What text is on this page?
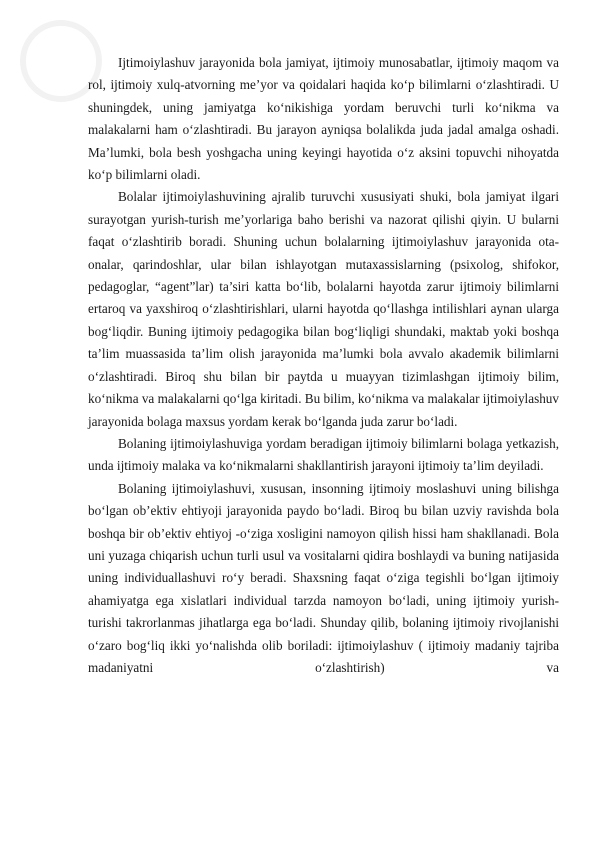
Ijtimoiylashuv jarayonida bola jamiyat, ijtimoiy munosabatlar, ijtimoiy maqom va rol, ijtimoiy xulq-atvorning me’yor va qoidalari haqida ko‘p bilimlarni o‘zlashtiradi. U shuningdek, uning jamiyatga ko‘nikishiga yordam beruvchi turli ko‘nikma va malakalarni ham o‘zlashtiradi. Bu jarayon ayniqsa bolalikda juda jadal amalga oshadi. Ma’lumki, bola besh yoshgacha uning keyingi hayotida o‘z aksini topuvchi nihoyatda ko‘p bilimlarni oladi.

Bolalar ijtimoiylashuvining ajralib turuvchi xususiyati shuki, bola jamiyat ilgari surayotgan yurish-turish me’yorlariga baho berishi va nazorat qilishi qiyin. U bularni faqat o‘zlashtirib boradi. Shuning uchun bolalarning ijtimoiylashuv jarayonida ota-onalar, qarindoshlar, ular bilan ishlayotgan mutaxassislarning (psixolog, shifokor, pedagoglar, “agent”lar) ta’siri katta bo‘lib, bolalarni hayotda zarur ijtimoiy bilimlarni ertaroq va yaxshiroq o‘zlashtirishlari, ularni hayotda qo‘llashga intilishlari aynan ularga bog‘liqdir. Buning ijtimoiy pedagogika bilan bog‘liqligi shundaki, maktab yoki boshqa ta’lim muassasida ta’lim olish jarayonida ma’lumki bola avvalo akademik bilimlarni o‘zlashtiradi. Biroq shu bilan bir paytda u muayyan tizimlashgan ijtimoiy bilim, ko‘nikma va malakalarni qo‘lga kiritadi. Bu bilim, ko‘nikma va malakalar ijtimoiylashuv jarayonida bolaga maxsus yordam kerak bo‘lganda juda zarur bo‘ladi.

Bolaning ijtimoiylashuviga yordam beradigan ijtimoiy bilimlarni bolaga yetkazish, unda ijtimoiy malaka va ko‘nikmalarni shakllantirish jarayoni ijtimoiy ta’lim deyiladi.

Bolaning ijtimoiylashuvi, xususan, insonning ijtimoiy moslashuvi uning bilishga bo‘lgan ob’ektiv ehtiyoji jarayonida paydo bo‘ladi. Biroq bu bilan uzviy ravishda bola boshqa bir ob’ektiv ehtiyoj -o‘ziga xosligini namoyon qilish hissi ham shakllanadi. Bola uni yuzaga chiqarish uchun turli usul va vositalarni qidira boshlaydi va buning natijasida uning individuallashuvi ro‘y beradi. Shaxsning faqat o‘ziga tegishli bo‘lgan ijtimoiy ahamiyatga ega xislatlari individual tarzda namoyon bo‘ladi, uning ijtimoiy yurish-turishi takrorlanmas jihatlarga ega bo‘ladi. Shunday qilib, bolaning ijtimoiy rivojlanishi o‘zaro bog‘liq ikki yo‘nalishda olib boriladi: ijtimoiylashuv ( ijtimoiy madaniy tajriba madaniyatni o‘zlashtirish) va
